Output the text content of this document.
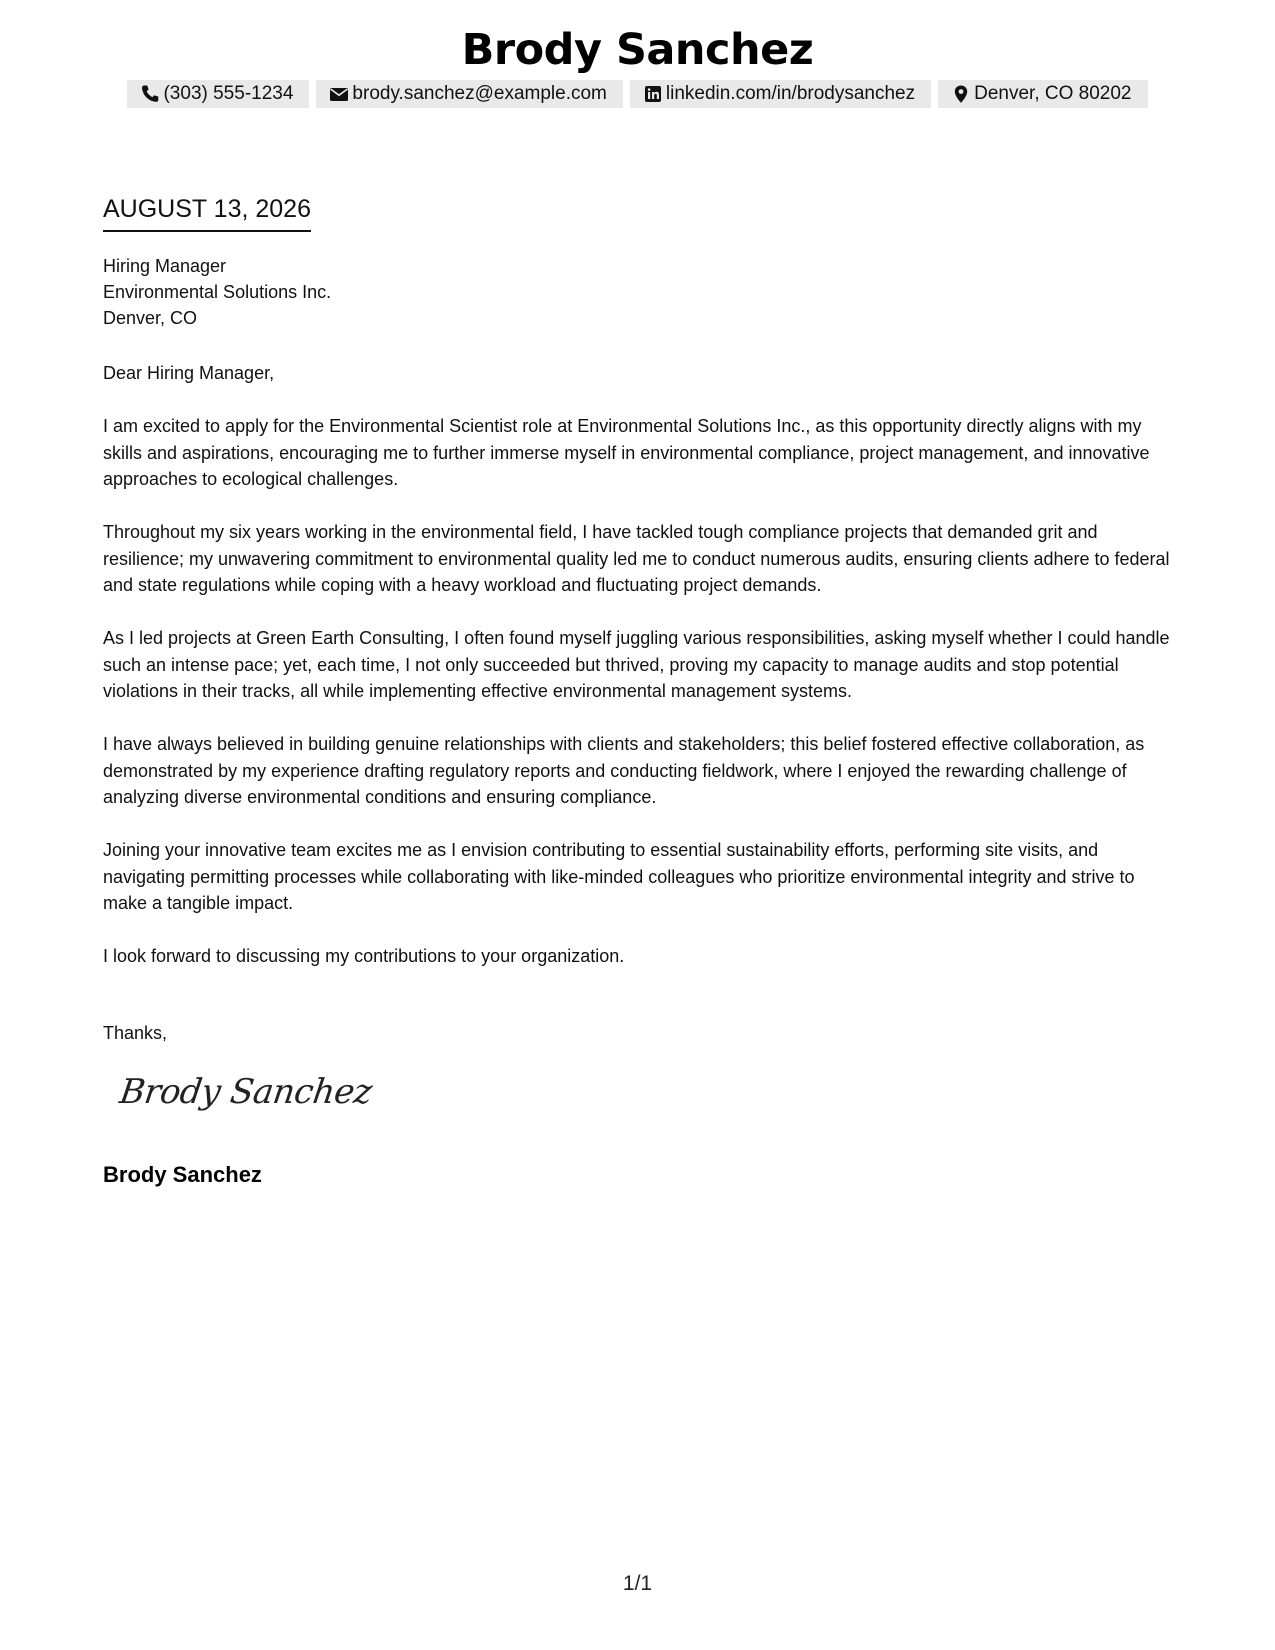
Brody Sanchez
(303) 555-1234	brody.sanchez@example.com	linkedin.com/in/brodysanchez	Denver, CO 80202
AUGUST 13, 2026
Hiring Manager
Environmental Solutions Inc.
Denver, CO

Dear Hiring Manager,

I am excited to apply for the Environmental Scientist role at Environmental Solutions Inc., as this opportunity directly aligns with my skills and aspirations, encouraging me to further immerse myself in environmental compliance, project management, and innovative approaches to ecological challenges.

Throughout my six years working in the environmental field, I have tackled tough compliance projects that demanded grit and resilience; my unwavering commitment to environmental quality led me to conduct numerous audits, ensuring clients adhere to federal and state regulations while coping with a heavy workload and fluctuating project demands.

As I led projects at Green Earth Consulting, I often found myself juggling various responsibilities, asking myself whether I could handle such an intense pace; yet, each time, I not only succeeded but thrived, proving my capacity to manage audits and stop potential violations in their tracks, all while implementing effective environmental management systems.

I have always believed in building genuine relationships with clients and stakeholders; this belief fostered effective collaboration, as demonstrated by my experience drafting regulatory reports and conducting fieldwork, where I enjoyed the rewarding challenge of analyzing diverse environmental conditions and ensuring compliance.

Joining your innovative team excites me as I envision contributing to essential sustainability efforts, performing site visits, and navigating permitting processes while collaborating with like-minded colleagues who prioritize environmental integrity and strive to make a tangible impact.

I look forward to discussing my contributions to your organization.

Thanks,
Brody Sanchez
Brody Sanchez
1/1
